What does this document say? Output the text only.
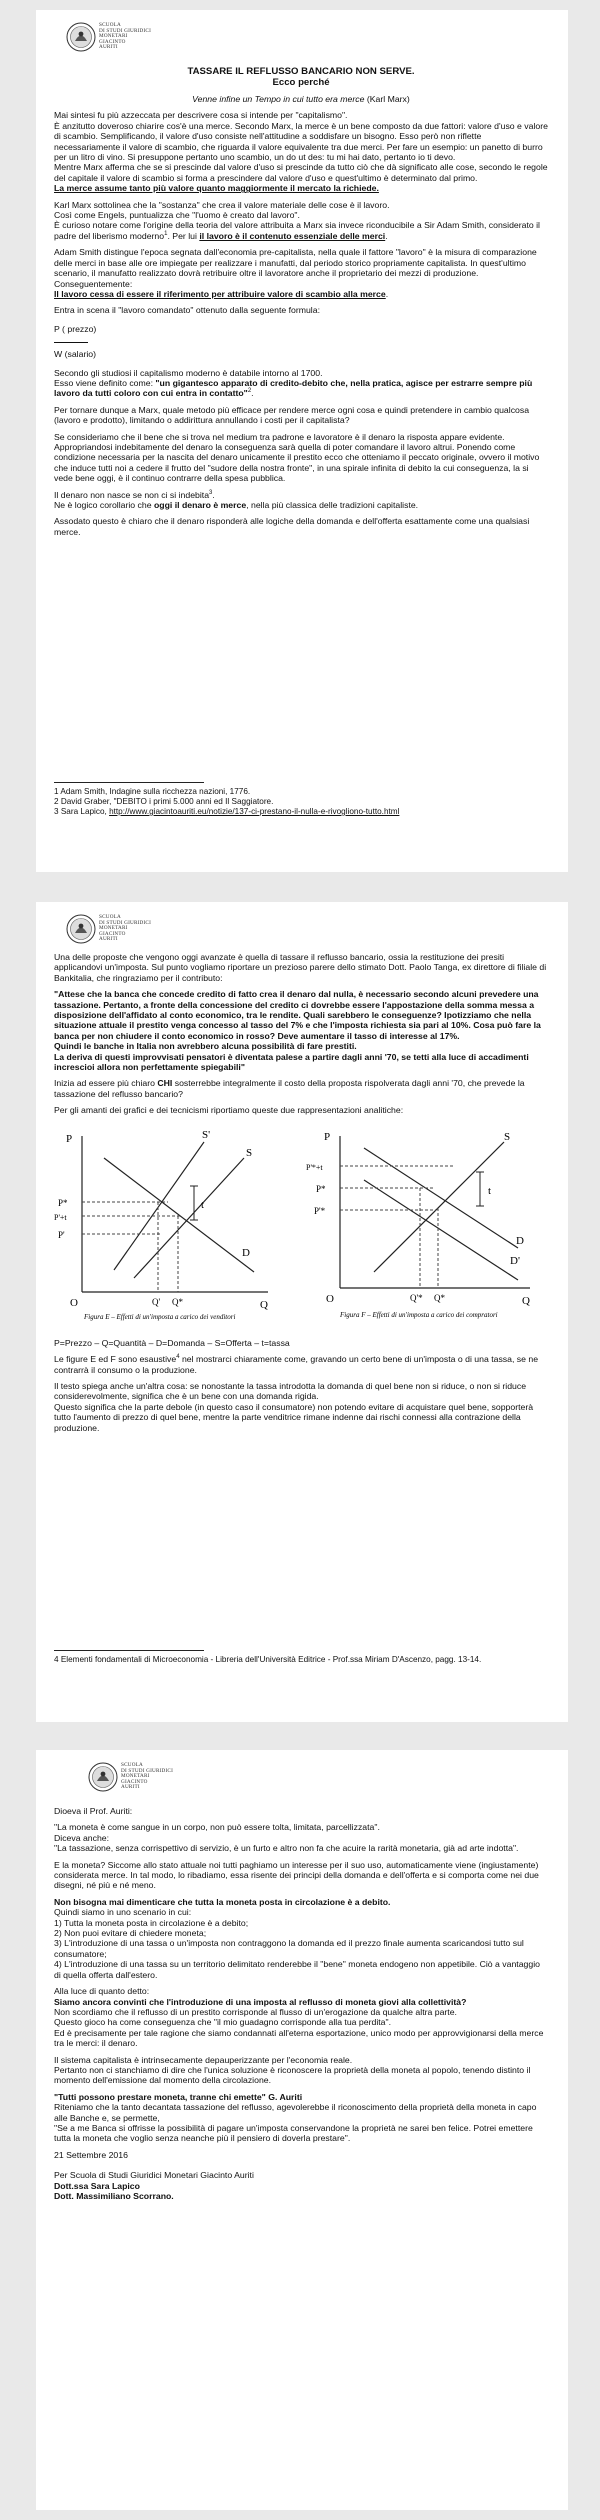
SCUOLA
DI STUDI GIURIDICI
MONETARI
GIACINTO
AURITI
TASSARE IL REFLUSSO BANCARIO NON SERVE.
Ecco perché

Venne infine un Tempo in cui tutto era merce (Karl Marx)

Mai sintesi fu più azzeccata per descrivere cosa si intende per "capitalismo".

È anzitutto doveroso chiarire cos'è una merce. Secondo Marx, la merce è un bene composto da due fattori: valore d'uso e valore di scambio. Semplificando, il valore d'uso consiste nell'attitudine a soddisfare un bisogno. Esso però non riflette necessariamente il valore di scambio, che riguarda il valore equivalente tra due merci. Per fare un esempio: un panetto di burro per un litro di vino. Si presuppone pertanto uno scambio, un do ut des: tu mi hai dato, pertanto io ti devo.

Mentre Marx afferma che se si prescinde dal valore d'uso si prescinde da tutto ciò che dà significato alle cose, secondo le regole del capitale il valore di scambio si forma a prescindere dal valore d'uso e quest'ultimo è determinato dal primo.

La merce assume tanto più valore quanto maggiormente il mercato la richiede.

Karl Marx sottolinea che la "sostanza" che crea il valore materiale delle cose è il lavoro.
Così come Engels, puntualizza che "l'uomo è creato dal lavoro".
È curioso notare come l'origine della teoria del valore attribuita a Marx sia invece riconducibile a Sir Adam Smith, considerato il padre del liberismo moderno$^1$. Per lui il lavoro è il contenuto essenziale delle merci.

Adam Smith distingue l'epoca segnata dall'economia pre-capitalista, nella quale il fattore "lavoro" è la misura di comparazione delle merci in base alle ore impiegate per realizzare i manufatti, dal periodo storico propriamente capitalista. In quest'ultimo scenario, il manufatto realizzato dovrà retribuire oltre il lavoratore anche il proprietario dei mezzi di produzione. Conseguentemente:
Il lavoro cessa di essere il riferimento per attribuire valore di scambio alla merce.

Entra in scena il "lavoro comandato" ottenuto dalla seguente formula:

P ( prezzo)
W (salario)

Secondo gli studiosi il capitalismo moderno è databile intorno al 1700.
Esso viene definito come: "un gigantesco apparato di credito-debito che, nella pratica, agisce per estrarre sempre più lavoro da tutti coloro con cui entra in contatto"$^2$.

Per tornare dunque a Marx, quale metodo più efficace per rendere merce ogni cosa e quindi pretendere in cambio qualcosa (lavoro e prodotto), limitando o addirittura annullando i costi per il capitalista?

Se consideriamo che il bene che si trova nel medium tra padrone e lavoratore è il denaro la risposta appare evidente. Appropriandosi indebitamente del denaro la conseguenza sarà quella di poter comandare il lavoro altrui. Ponendo come condizione necessaria per la nascita del denaro unicamente il prestito ecco che otteniamo il peccato originale, ovvero il motivo che induce tutti noi a cedere il frutto del "sudore della nostra fronte", in una spirale infinita di debito la cui conseguenza, la si vede bene oggi, è il continuo contrarre della spesa pubblica.

Il denaro non nasce se non ci si indebita$^3$.

Ne è logico corollario che oggi il denaro è merce, nella più classica delle tradizioni capitaliste.

Assodato questo è chiaro che il denaro risponderà alle logiche della domanda e dell'offerta esattamente come una qualsiasi merce.

1 Adam Smith, Indagine sulla ricchezza nazioni, 1776.
2 David Graber, "DEBITO i primi 5.000 anni ed Il Saggiatore.
3 Sara Lapico, http://www.giacintoauriti.eu/notizie/137-ci-prestano-il-nulla-e-rivogliono-tutto.html
SCUOLA
DI STUDI GIURIDICI
MONETARI
GIACINTO
AURITI

Una delle proposte che vengono oggi avanzate è quella di tassare il reflusso bancario, ossia la restituzione dei presiti applicandovi un'imposta. Sul punto vogliamo riportare un prezioso parere dello stimato Dott. Paolo Tanga, ex direttore di filiale di Bankitalia, che ringraziamo per il contributo:

"Attese che la banca che concede credito di fatto crea il denaro dal nulla, è necessario secondo alcuni prevedere una tassazione. Pertanto, a fronte della concessione del credito ci dovrebbe essere l'appostazione della somma messa a disposizione dell'affidato al conto economico, tra le rendite. Quali sarebbero le conseguenze? Ipotizziamo che nella situazione attuale il prestito venga concesso al tasso del 7% e che l'imposta richiesta sia pari al 10%. Cosa può fare la banca per non chiudere il conto economico in rosso? Deve aumentare il tasso di interesse al 17%.

Quindi le banche in Italia non avrebbero alcuna possibilità di fare prestiti.

La deriva di questi improvvisati pensatori è diventata palese a partire dagli anni '70, se tetti alla luce di accadimenti increscioi allora non perfettamente spiegabili"

Inizia ad essere più chiaro CHI sosterrebbe integralmente il costo della proposta rispolverata dagli anni '70, che prevede la tassazione del reflusso bancario?

Per gli amanti dei grafici e dei tecnicismi riportiamo queste due rappresentazioni analitiche:

P
Q
O
S'
S
D
t
P*
P'+t
P'
Q' Q*
Figura E – Effetti di un'imposta a carico dei venditori
P
Q
O
S
D
D'
t
P'*+t
P*
P'*
Q'* Q*
Figura F – Effetti di un'imposta a carico dei compratori

P=Prezzo – Q=Quantità – D=Domanda – S=Offerta – t=tassa

Le figure E ed F sono esaustive$^4$ nel mostrarci chiaramente come, gravando un certo bene di un'imposta o di una tassa, se ne contrarrà il consumo o la produzione.

Il testo spiega anche un'altra cosa: se nonostante la tassa introdotta la domanda di quel bene non si riduce, o non si riduce considerevolmente, significa che è un bene con una domanda rigida.

Questo significa che la parte debole (in questo caso il consumatore) non potendo evitare di acquistare quel bene, sopporterà tutto l'aumento di prezzo di quel bene, mentre la parte venditrice rimane indenne dai rischi connessi alla contrazione della produzione.

4 Elementi fondamentali di Microeconomia - Libreria dell'Università Editrice - Prof.ssa Miriam D'Ascenzo, pagg. 13-14.
SCUOLA
DI STUDI GIURIDICI
MONETARI
GIACINTO
AURITI

Dioeva il Prof. Auriti:

"La moneta è come sangue in un corpo, non può essere tolta, limitata, parcellizzata".

Diceva anche:

"La tassazione, senza corrispettivo di servizio, è un furto e altro non fa che acuire la rarità monetaria, già ad arte indotta".

E la moneta? Siccome allo stato attuale noi tutti paghiamo un interesse per il suo uso, automaticamente viene (ingiustamente) considerata merce. In tal modo, lo ribadiamo, essa risente dei principi della domanda e dell'offerta e si comporta come nei due disegni, né più e né meno.

Non bisogna mai dimenticare che tutta la moneta posta in circolazione è a debito.

Quindi siamo in uno scenario in cui:

1) Tutta la moneta posta in circolazione è a debito;
2) Non puoi evitare di chiedere moneta;
3) L'introduzione di una tassa o un'imposta non contraggono la domanda ed il prezzo finale aumenta scaricandosi tutto sul consumatore;
4) L'introduzione di una tassa su un territorio delimitato renderebbe il "bene" moneta endogeno non appetibile. Ciò a vantaggio di quella offerta dall'estero.

Alla luce di quanto detto:

Siamo ancora convinti che l'introduzione di una imposta al reflusso di moneta giovi alla collettività?

Non scordiamo che il reflusso di un prestito corrisponde al flusso di un'erogazione da qualche altra parte.

Questo gioco ha come conseguenza che "il mio guadagno corrisponde alla tua perdita".

Ed è precisamente per tale ragione che siamo condannati all'eterna esportazione, unico modo per approvvigionarsi della merce tra le merci: il denaro.

Il sistema capitalista è intrinsecamente depauperizzante per l'economia reale.

Pertanto non ci stanchiamo di dire che l'unica soluzione è riconoscere la proprietà della moneta al popolo, tenendo distinto il momento dell'emissione dal momento della circolazione.

"Tutti possono prestare moneta, tranne chi emette" G. Auriti

Riteniamo che la tanto decantata tassazione del reflusso, agevolerebbe il riconoscimento della proprietà della moneta in capo alle Banche e, se permette,

"Se a me Banca si offrisse la possibilità di pagare un'imposta conservandone la proprietà ne sarei ben felice. Potrei emettere tutta la moneta che voglio senza neanche più il pensiero di doverla prestare".

21 Settembre 2016

Per Scuola di Studi Giuridici Monetari Giacinto Auriti
Dott.ssa Sara Lapico
Dott. Massimiliano Scorrano.
